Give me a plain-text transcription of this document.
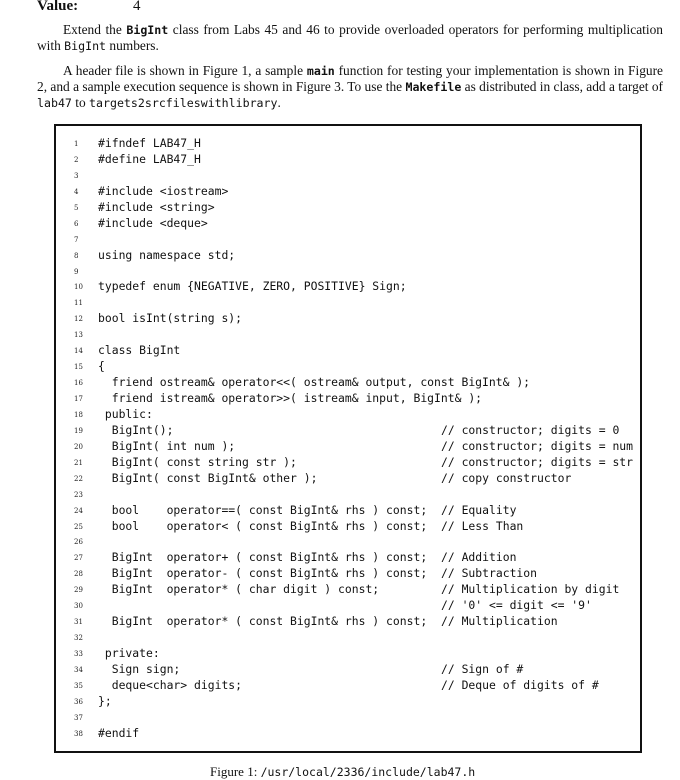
Value:	4
Extend the BigInt class from Labs 45 and 46 to provide overloaded operators for performing multiplication with BigInt numbers.
A header file is shown in Figure 1, a sample main function for testing your implementation is shown in Figure 2, and a sample execution sequence is shown in Figure 3. To use the Makefile as distributed in class, add a target of lab47 to targets2srcfileswithlibrary.
1	#ifndef LAB47_H
2	#define LAB47_H
3
4	#include <iostream>
5	#include <string>
6	#include <deque>
7
8	using namespace std;
9
10	typedef enum {NEGATIVE, ZERO, POSITIVE} Sign;
11
12	bool isInt(string s);
13
14	class BigInt
15	{
16	friend ostream& operator<<( ostream& output, const BigInt& );
17	friend istream& operator>>( istream& input, BigInt& );
18	public:
19	BigInt();	// constructor; digits = 0
20	BigInt( int num );	// constructor; digits = num
21	BigInt( const string str );	// constructor; digits = str
22	BigInt( const BigInt& other );	// copy constructor
23
24	bool    operator==( const BigInt& rhs ) const; // Equality
25	bool    operator< ( const BigInt& rhs ) const; // Less Than
26
27	BigInt  operator+ ( const BigInt& rhs ) const; // Addition
28	BigInt  operator- ( const BigInt& rhs ) const; // Subtraction
29	BigInt  operator* ( char digit ) const;	// Multiplication by digit
30	// '0' <= digit <= '9'
31	BigInt  operator* ( const BigInt& rhs ) const; // Multiplication
32
33	private:
34	Sign sign;	// Sign of #
35	deque<char> digits;	// Deque of digits of #
36	};
37
38	#endif
Figure 1: /usr/local/2336/include/lab47.h
